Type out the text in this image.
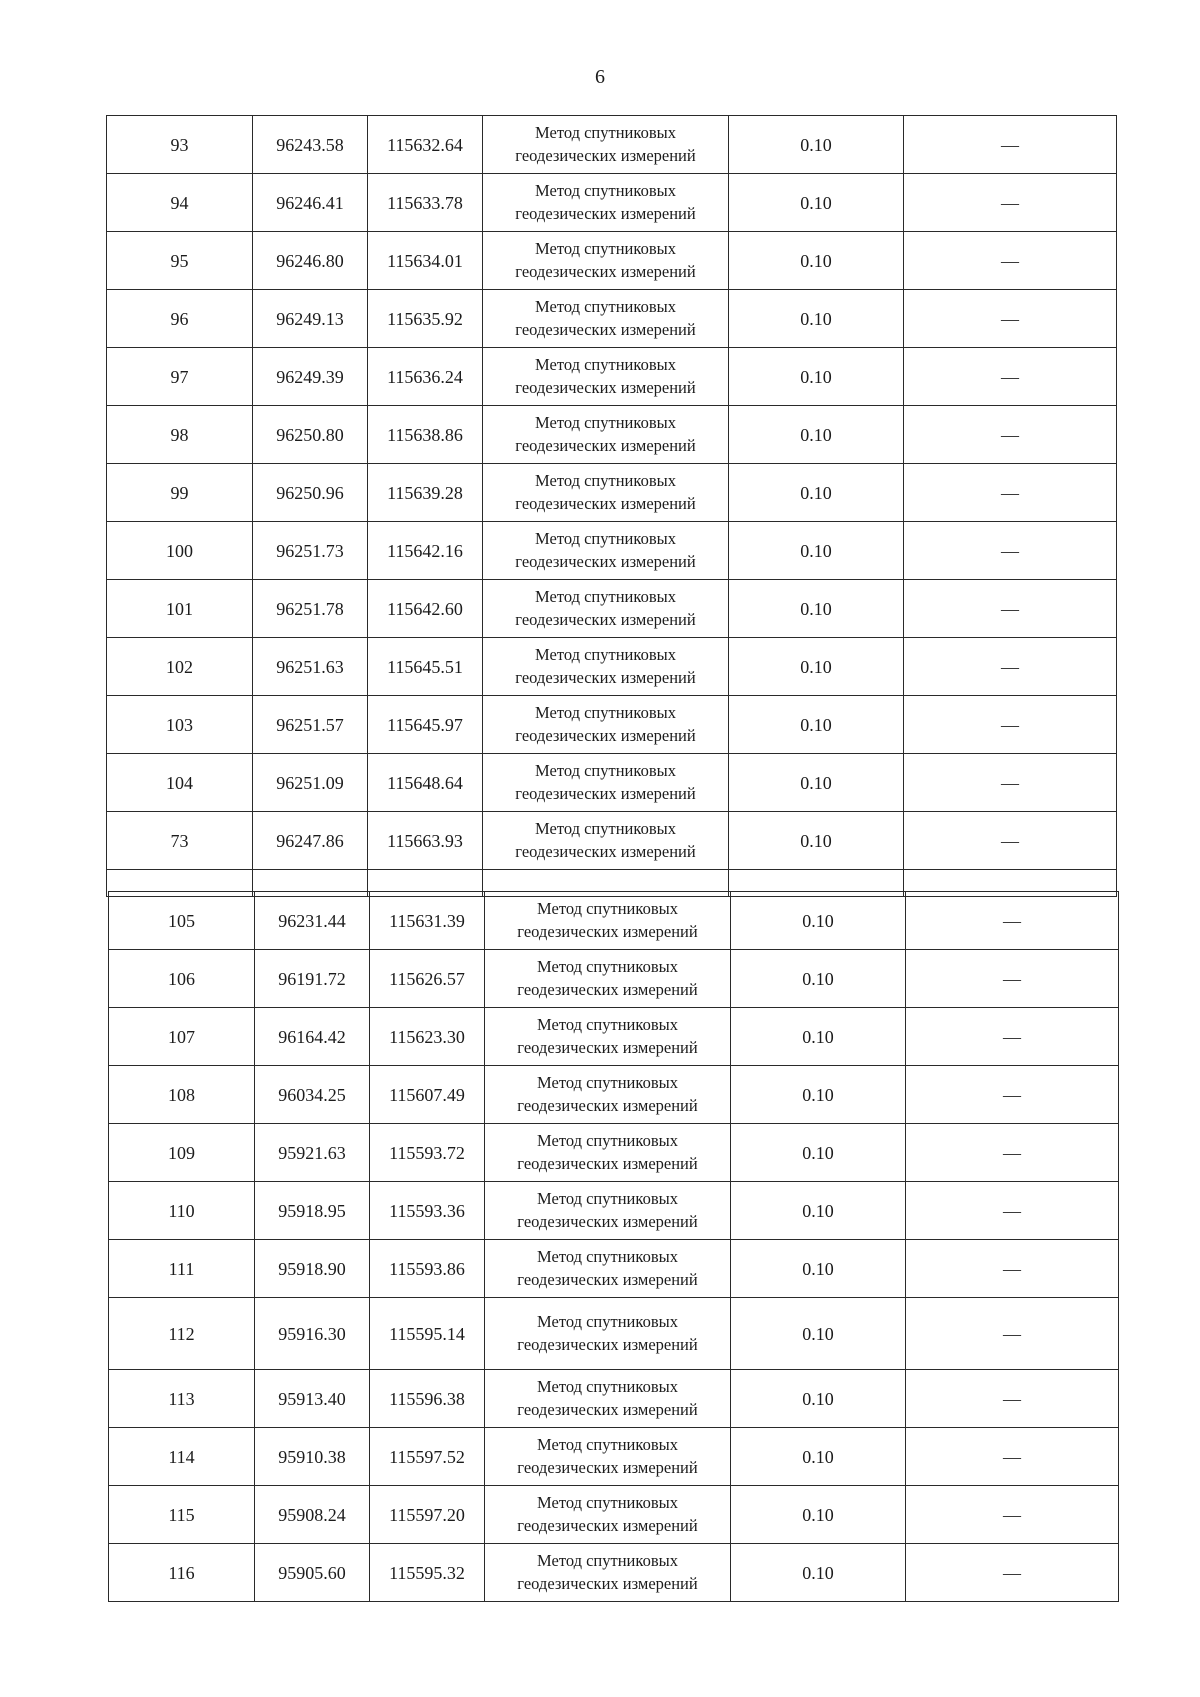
6
93	96243.58	115632.64	Метод спутниковых геодезических измерений	0.10	—
94	96246.41	115633.78	Метод спутниковых геодезических измерений	0.10	—
95	96246.80	115634.01	Метод спутниковых геодезических измерений	0.10	—
96	96249.13	115635.92	Метод спутниковых геодезических измерений	0.10	—
97	96249.39	115636.24	Метод спутниковых геодезических измерений	0.10	—
98	96250.80	115638.86	Метод спутниковых геодезических измерений	0.10	—
99	96250.96	115639.28	Метод спутниковых геодезических измерений	0.10	—
100	96251.73	115642.16	Метод спутниковых геодезических измерений	0.10	—
101	96251.78	115642.60	Метод спутниковых геодезических измерений	0.10	—
102	96251.63	115645.51	Метод спутниковых геодезических измерений	0.10	—
103	96251.57	115645.97	Метод спутниковых геодезических измерений	0.10	—
104	96251.09	115648.64	Метод спутниковых геодезических измерений	0.10	—
73	96247.86	115663.93	Метод спутниковых геодезических измерений	0.10	—

105	96231.44	115631.39	Метод спутниковых геодезических измерений	0.10	—
106	96191.72	115626.57	Метод спутниковых геодезических измерений	0.10	—
107	96164.42	115623.30	Метод спутниковых геодезических измерений	0.10	—
108	96034.25	115607.49	Метод спутниковых геодезических измерений	0.10	—
109	95921.63	115593.72	Метод спутниковых геодезических измерений	0.10	—
110	95918.95	115593.36	Метод спутниковых геодезических измерений	0.10	—
111	95918.90	115593.86	Метод спутниковых геодезических измерений	0.10	—
112	95916.30	115595.14	Метод спутниковых геодезических измерений	0.10	—
113	95913.40	115596.38	Метод спутниковых геодезических измерений	0.10	—
114	95910.38	115597.52	Метод спутниковых геодезических измерений	0.10	—
115	95908.24	115597.20	Метод спутниковых геодезических измерений	0.10	—
116	95905.60	115595.32	Метод спутниковых геодезических измерений	0.10	—
